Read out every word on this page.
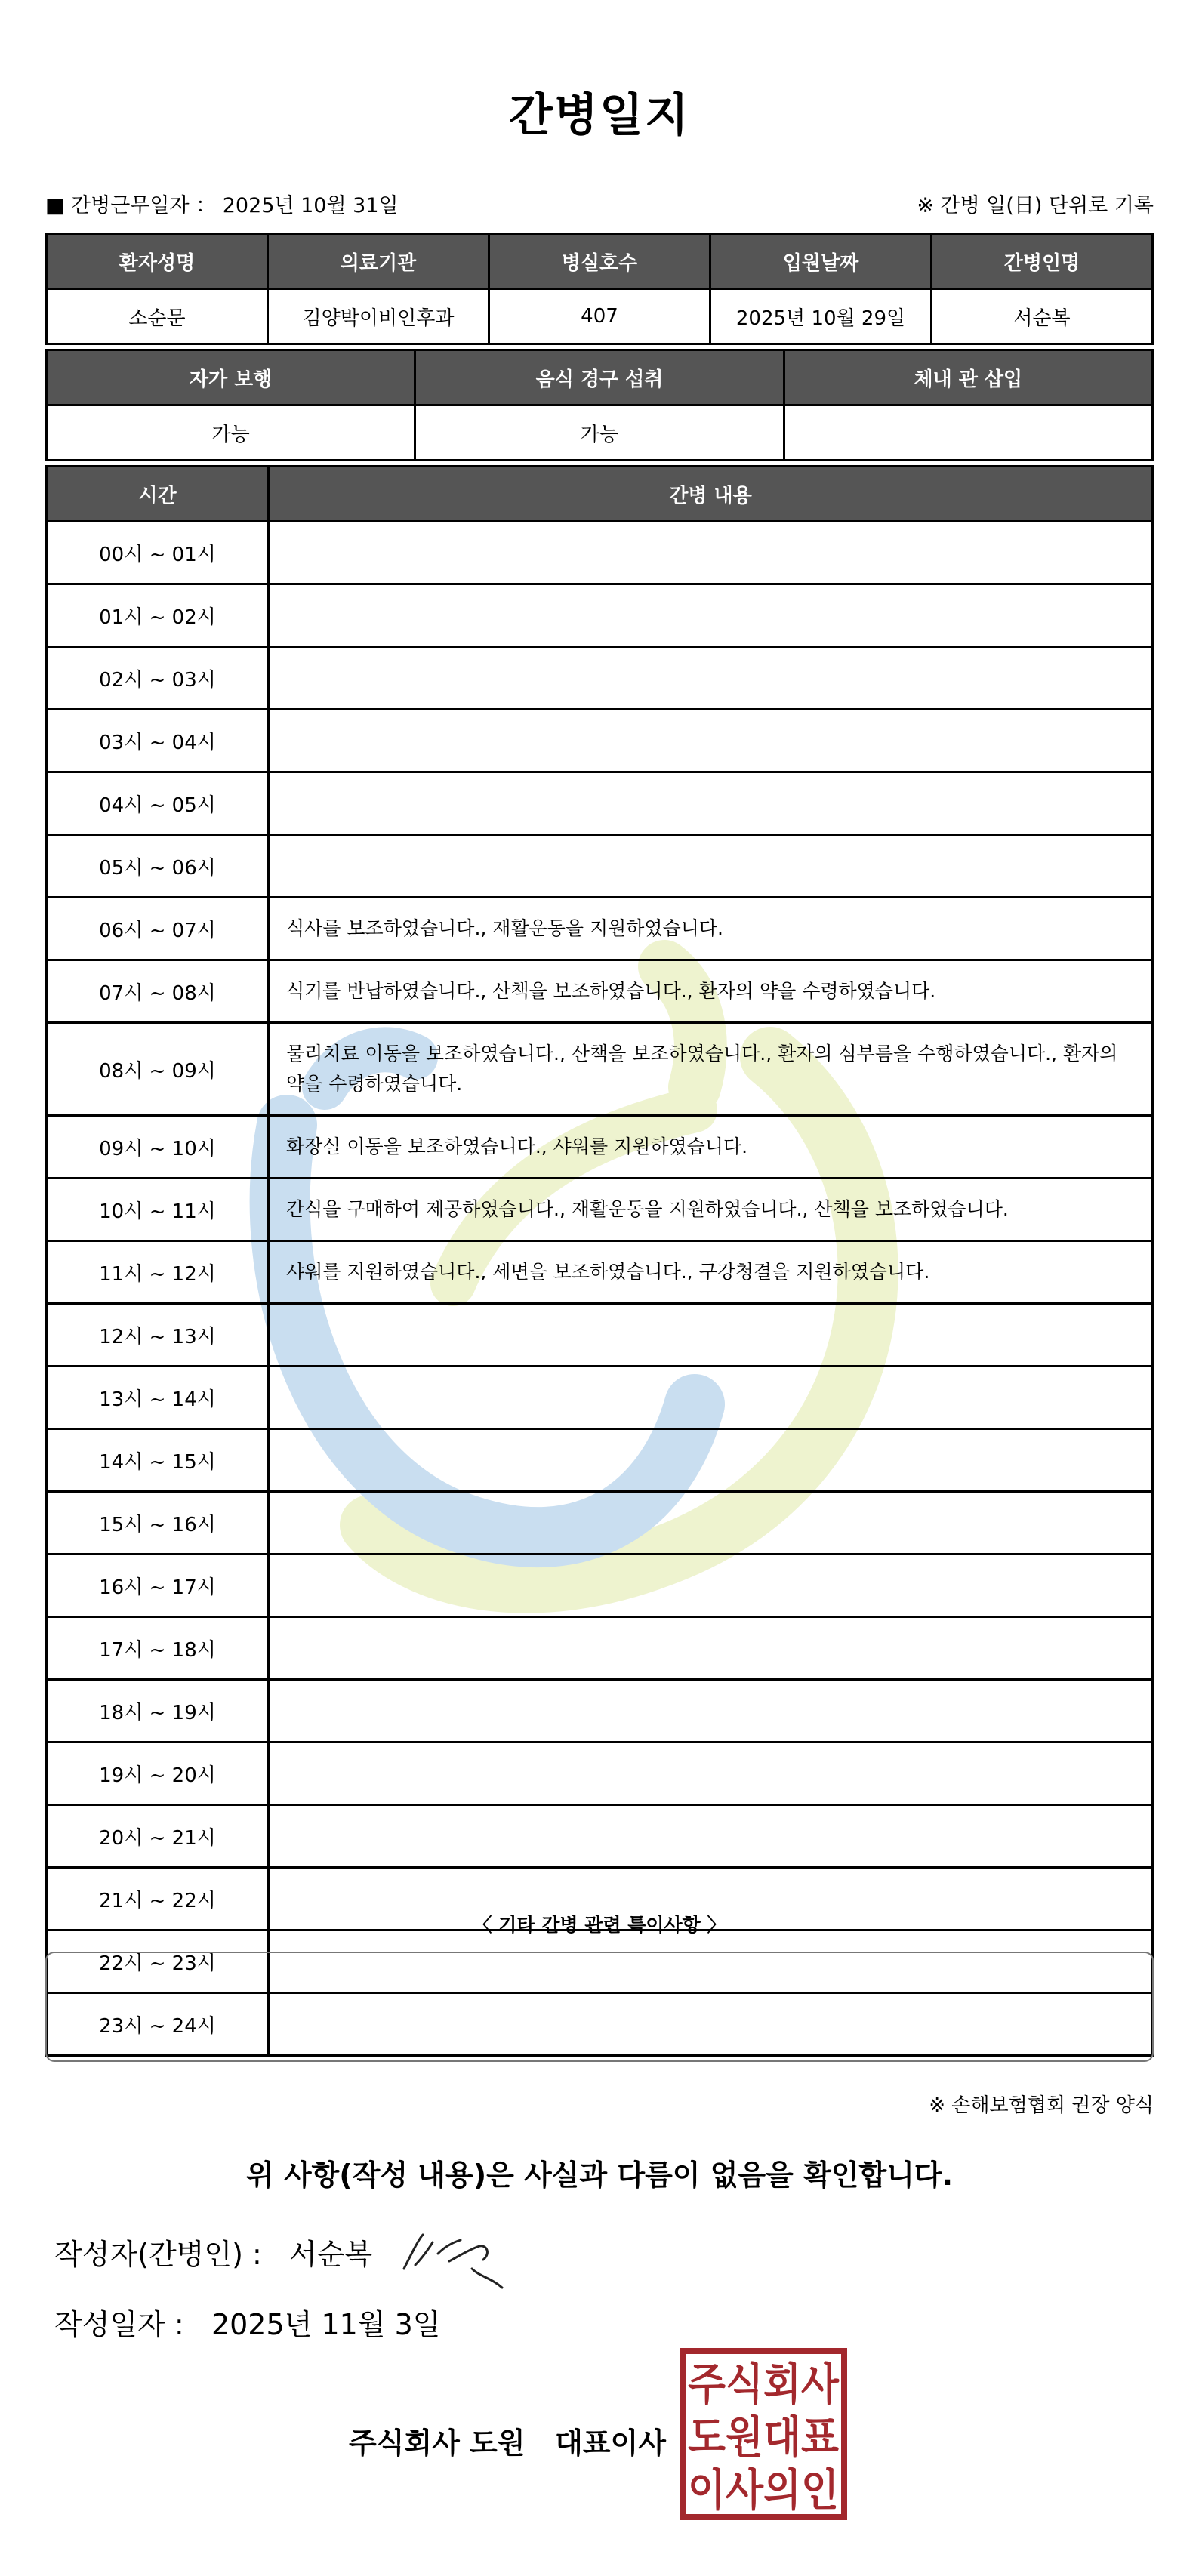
간병일지
■ 간병근무일자 ： 2025년 10월 31일	※ 간병 일(日) 단위로 기록
환자성명	의료기관	병실호수	입원날짜	간병인명
소순문	김양박이비인후과	407	2025년 10월 29일	서순복
자가 보행	음식 경구 섭취	체내 관 삽입
가능	가능	
시간	간병 내용
00시 ~ 01시	
01시 ~ 02시	
02시 ~ 03시	
03시 ~ 04시	
04시 ~ 05시	
05시 ~ 06시	
06시 ~ 07시	식사를 보조하였습니다., 재활운동을 지원하였습니다.
07시 ~ 08시	식기를 반납하였습니다., 산책을 보조하였습니다., 환자의 약을 수령하였습니다.
08시 ~ 09시	물리치료 이동을 보조하였습니다., 산책을 보조하였습니다., 환자의 심부름을 수행하였습니다., 환자의 약을 수령하였습니다.
09시 ~ 10시	화장실 이동을 보조하였습니다., 샤워를 지원하였습니다.
10시 ~ 11시	간식을 구매하여 제공하였습니다., 재활운동을 지원하였습니다., 산책을 보조하였습니다.
11시 ~ 12시	샤워를 지원하였습니다., 세면을 보조하였습니다., 구강청결을 지원하였습니다.
12시 ~ 13시	
13시 ~ 14시	
14시 ~ 15시	
15시 ~ 16시	
16시 ~ 17시	
17시 ~ 18시	
18시 ~ 19시	
19시 ~ 20시	
20시 ~ 21시	
21시 ~ 22시	
22시 ~ 23시	
23시 ~ 24시	
〈 기타 간병 관련 특이사항 〉
※ 손해보험협회 권장 양식
위 사항(작성 내용)은 사실과 다름이 없음을 확인합니다.
작성자(간병인) :   서순복
작성일자 :   2025년 11월 3일
주식회사 도원   대표이사
주식회사
도원대표
이사의인
